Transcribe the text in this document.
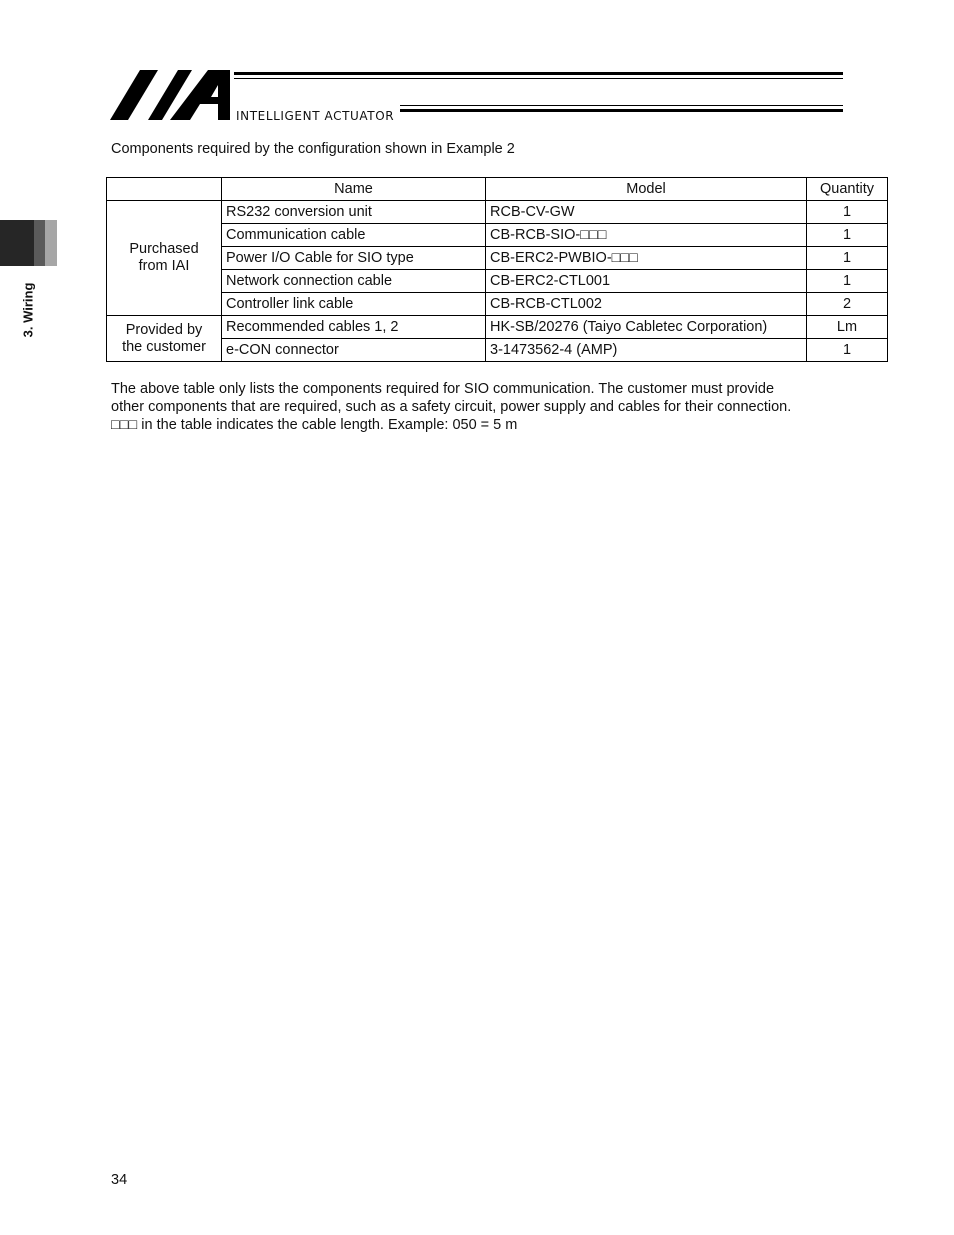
INTELLIGENT ACTUATOR
3. Wiring
Components required by the configuration shown in Example 2
	Name	Model	Quantity
Purchased
from IAI	RS232 conversion unit	RCB-CV-GW	1
	Communication cable	CB-RCB-SIO-□□□	1
	Power I/O Cable for SIO type	CB-ERC2-PWBIO-□□□	1
	Network connection cable	CB-ERC2-CTL001	1
	Controller link cable	CB-RCB-CTL002	2
Provided by
the customer	Recommended cables 1, 2	HK-SB/20276 (Taiyo Cabletec Corporation)	Lm
	e-CON connector	3-1473562-4 (AMP)	1

The above table only lists the components required for SIO communication. The customer must provide

other components that are required, such as a safety circuit, power supply and cables for their connection.

□□□ in the table indicates the cable length. Example: 050 = 5 m

34
